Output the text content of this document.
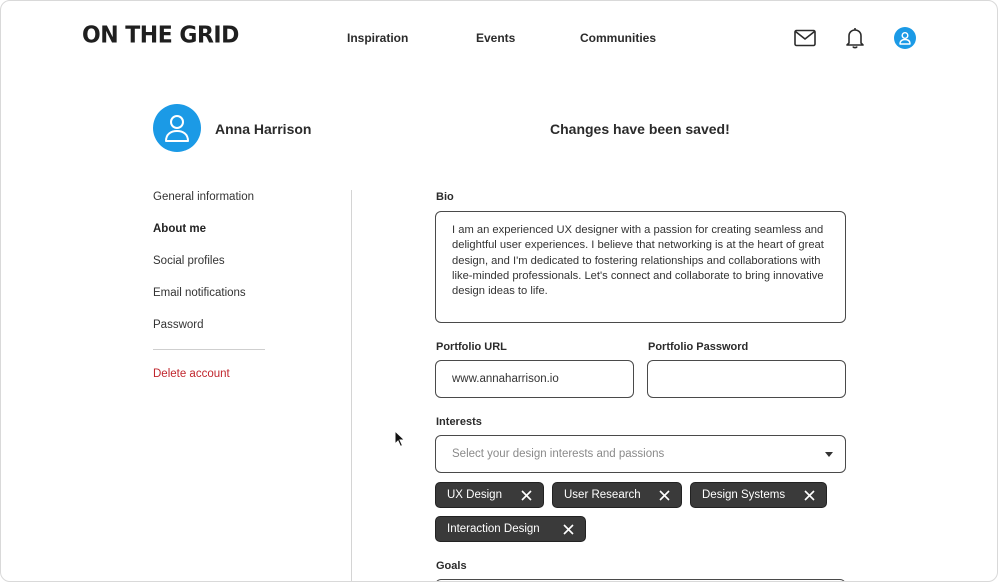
ON THE GRID	Inspiration	Events	Communities
Anna Harrison	Changes have been saved!
General information
About me
Social profiles
Email notifications
Password
Delete account
Bio
I am an experienced UX designer with a passion for creating seamless and delightful user experiences. I believe that networking is at the heart of great design, and I'm dedicated to fostering relationships and collaborations with like-minded professionals. Let's connect and collaborate to bring innovative design ideas to life.
Portfolio URL	Portfolio Password
www.annaharrison.io
Interests
Select your design interests and passions
UX Design	User Research	Design Systems
Interaction Design
Goals
